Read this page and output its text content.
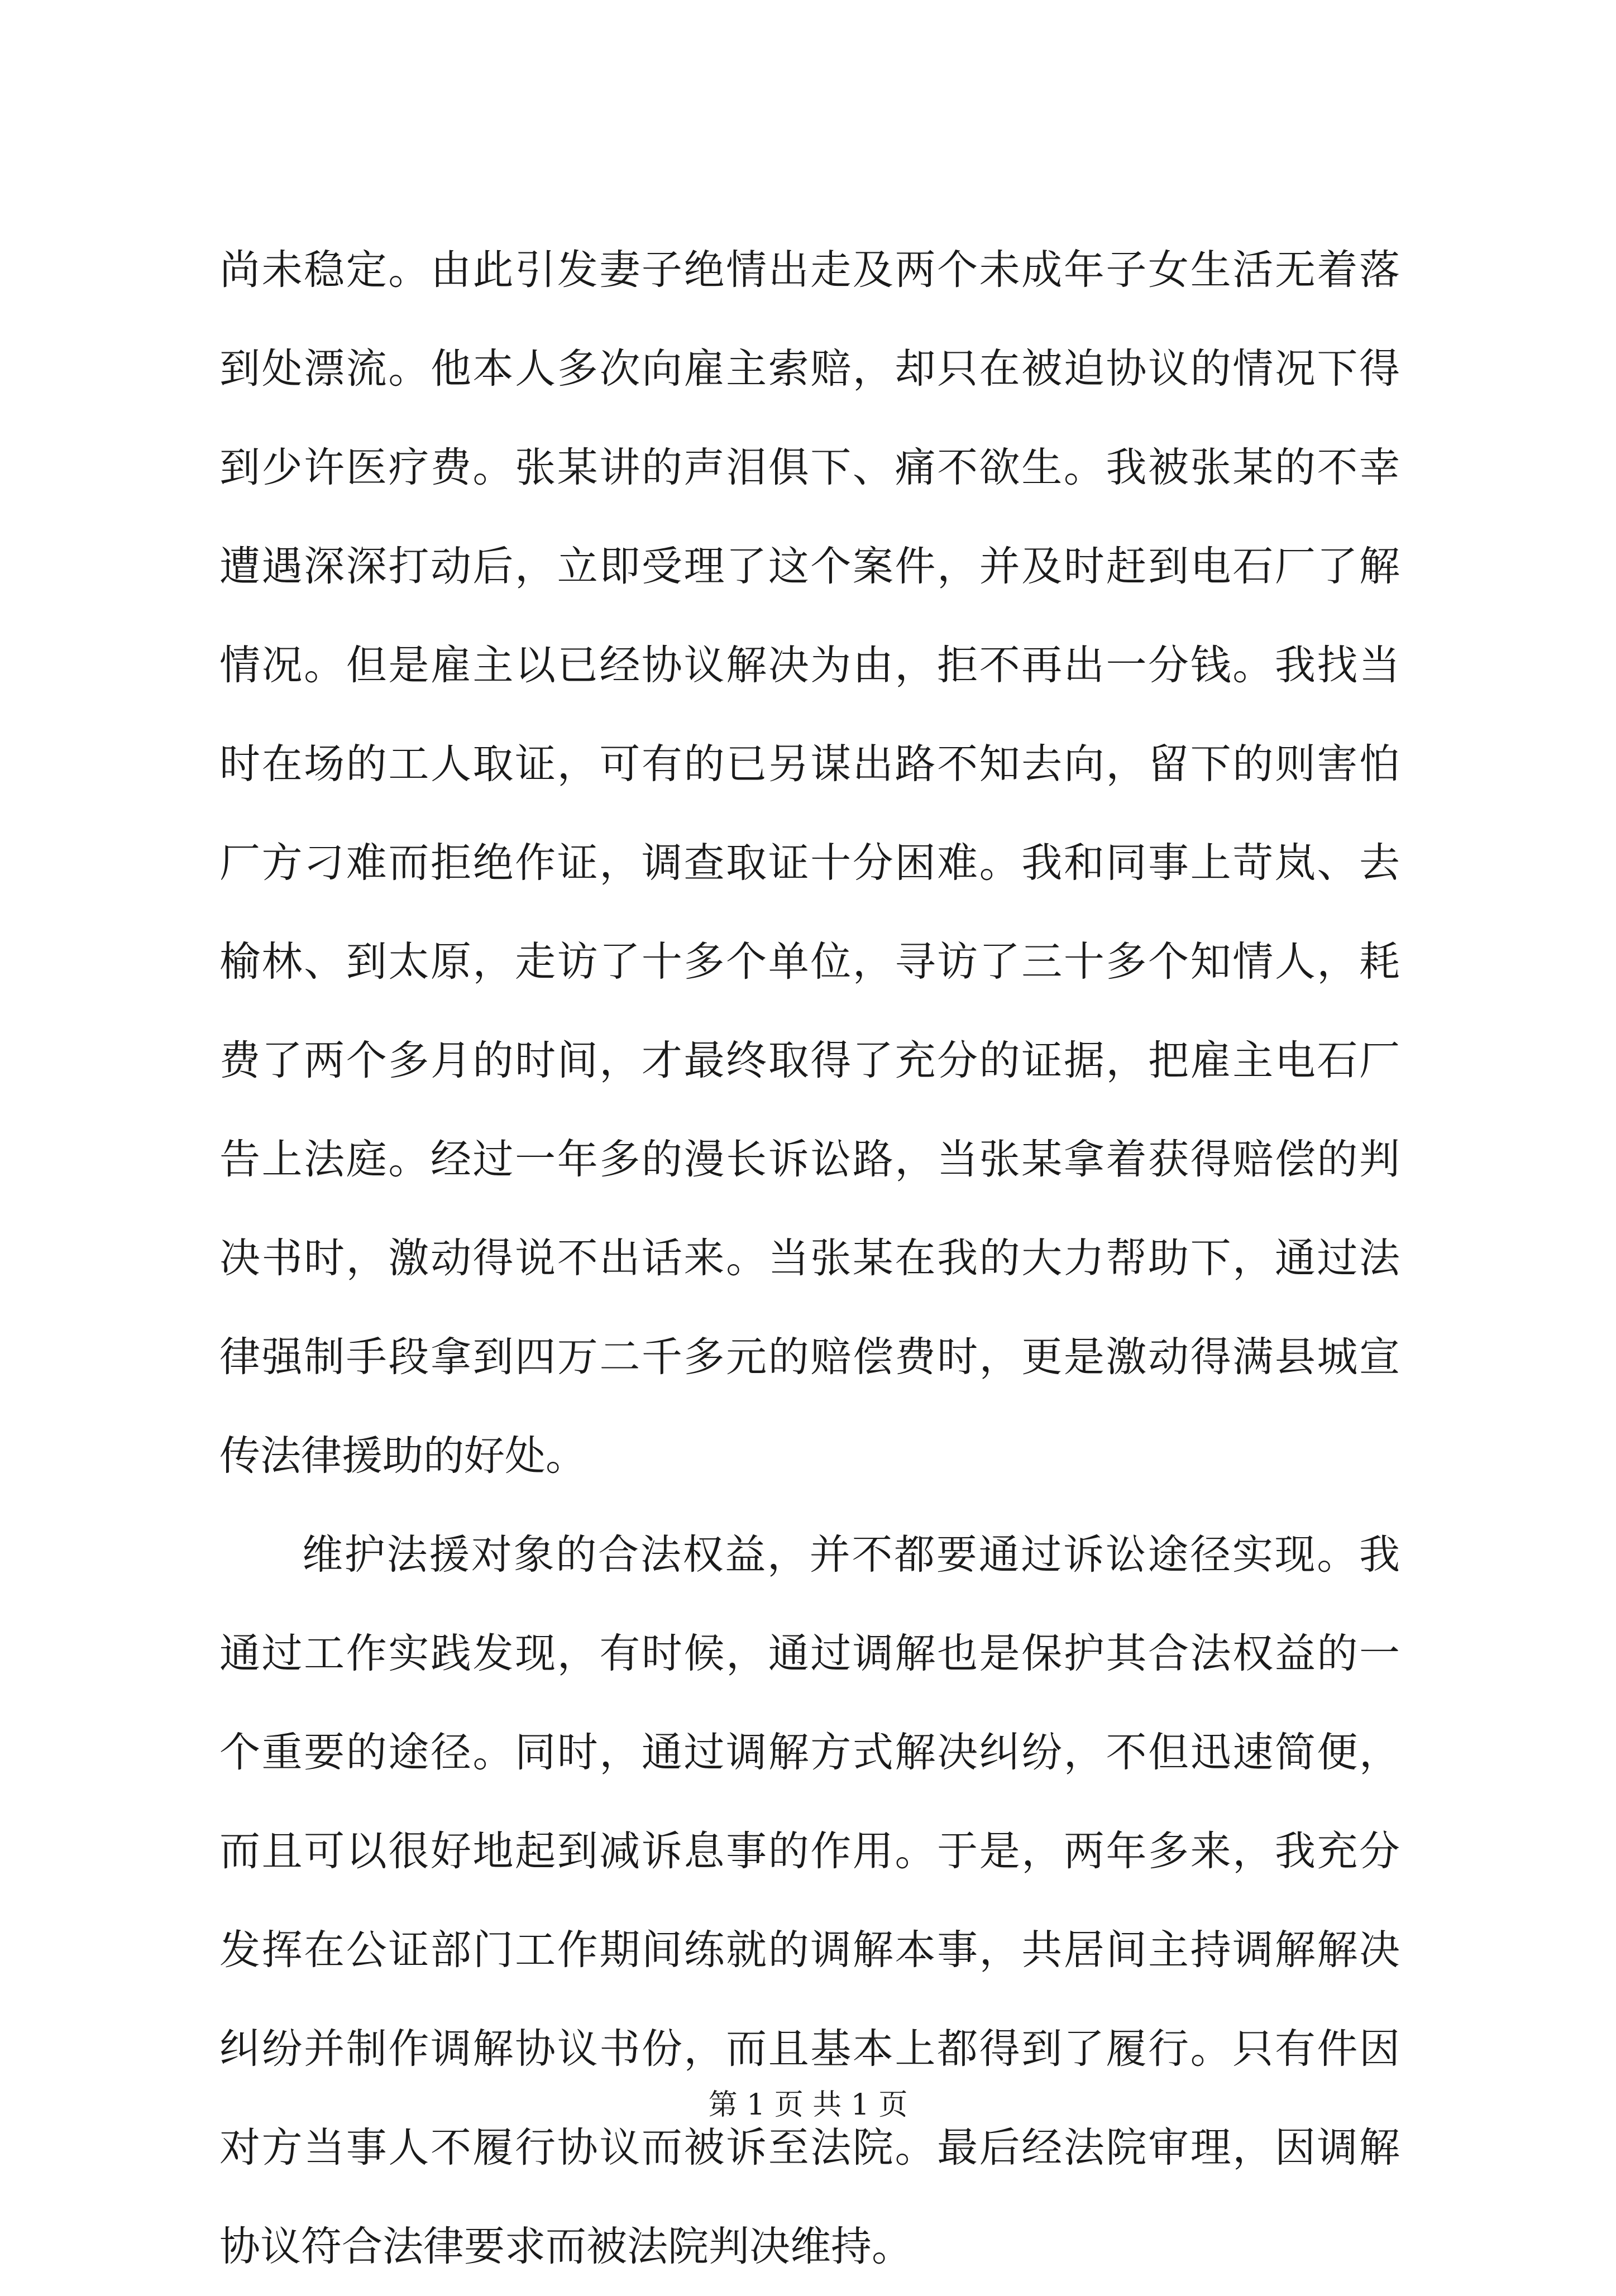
尚未稳定。由此引发妻子绝情出走及两个未成年子女生活无着落
到处漂流。他本人多次向雇主索赔，却只在被迫协议的情况下得
到少许医疗费。张某讲的声泪俱下、痛不欲生。我被张某的不幸
遭遇深深打动后，立即受理了这个案件，并及时赶到电石厂了解
情况。但是雇主以已经协议解决为由，拒不再出一分钱。我找当
时在场的工人取证，可有的已另谋出路不知去向，留下的则害怕
厂方刁难而拒绝作证，调查取证十分困难。我和同事上苛岚、去
榆林、到太原，走访了十多个单位，寻访了三十多个知情人，耗
费了两个多月的时间，才最终取得了充分的证据，把雇主电石厂
告上法庭。经过一年多的漫长诉讼路，当张某拿着获得赔偿的判
决书时，激动得说不出话来。当张某在我的大力帮助下，通过法
律强制手段拿到四万二千多元的赔偿费时，更是激动得满县城宣
传法律援助的好处。
维护法援对象的合法权益，并不都要通过诉讼途径实现。我
通过工作实践发现，有时候，通过调解也是保护其合法权益的一
个重要的途径。同时，通过调解方式解决纠纷，不但迅速简便，
而且可以很好地起到减诉息事的作用。于是，两年多来，我充分
发挥在公证部门工作期间练就的调解本事，共居间主持调解解决
纠纷并制作调解协议书份，而且基本上都得到了履行。只有件因
对方当事人不履行协议而被诉至法院。最后经法院审理，因调解
协议符合法律要求而被法院判决维持。
第 1 页 共 1 页
